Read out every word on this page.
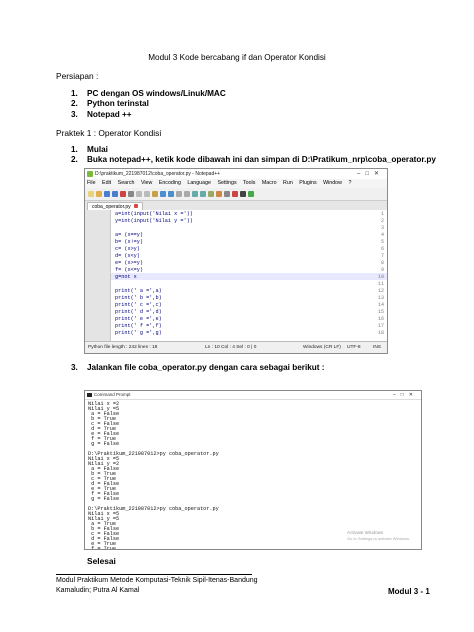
Modul 3 Kode bercabang if dan Operator Kondisi
Persiapan :
1. PC dengan OS windows/Linuk/MAC
2. Python terinstal
3. Notepad ++
Praktek 1 : Operator Kondisi
1. Mulai
2. Buka notepad++, ketik kode dibawah ini dan simpan di D:\Pratikum_nrp\coba_operator.py
D:\praktikum_221987012\coba_operator.py - Notepad++	–□✕
File Edit Search View Encoding Language Settings Tools Macro Run Plugins Window ?
coba_operator.py
1
2
3
4
5
6
7
8
9
10
11
12
13
14
15
16
17
18
a=int(input('Nilai x ='))
y=int(input('Nilai y ='))
a= (x==y)
b= (x!=y)
c= (x>y)
d= (x<y)
e= (x>=y)
f= (x<=y)
g=not x
print(' a =',a)
print(' b =',b)
print(' c =',c)
print(' d =',d)
print(' e =',e)
print(' f =',f)
print(' g =',g)
Python file length : 242 lines : 18	Ln : 10 Col : 4 Sel : 0 | 0	Windows (CR LF) UTF-8	INS
3. Jalankan file coba_operator.py dengan cara sebagai berikut :
Command Prompt	–□✕
Nilai x =2
Nilai y =5
a = False
b = True
c = False
d = True
e = False
f = True
g = False
D:\Praktikum_221987012>py coba_operator.py
Nilai x =5
Nilai y =2
a = False
b = True
c = True
d = False
e = True
f = False
g = False
D:\Praktikum_221987012>py coba_operator.py
Nilai x =5
Nilai y =5
a = True
b = False
c = False
d = False
e = True
f = True
Activate Windows
Go to Settings to activate Windows.
Selesai
Modul Praktikum Metode Komputasi-Teknik Sipil-Itenas-Bandung
Kamaludin; Putra Al Kamal	Modul 3 - 1
